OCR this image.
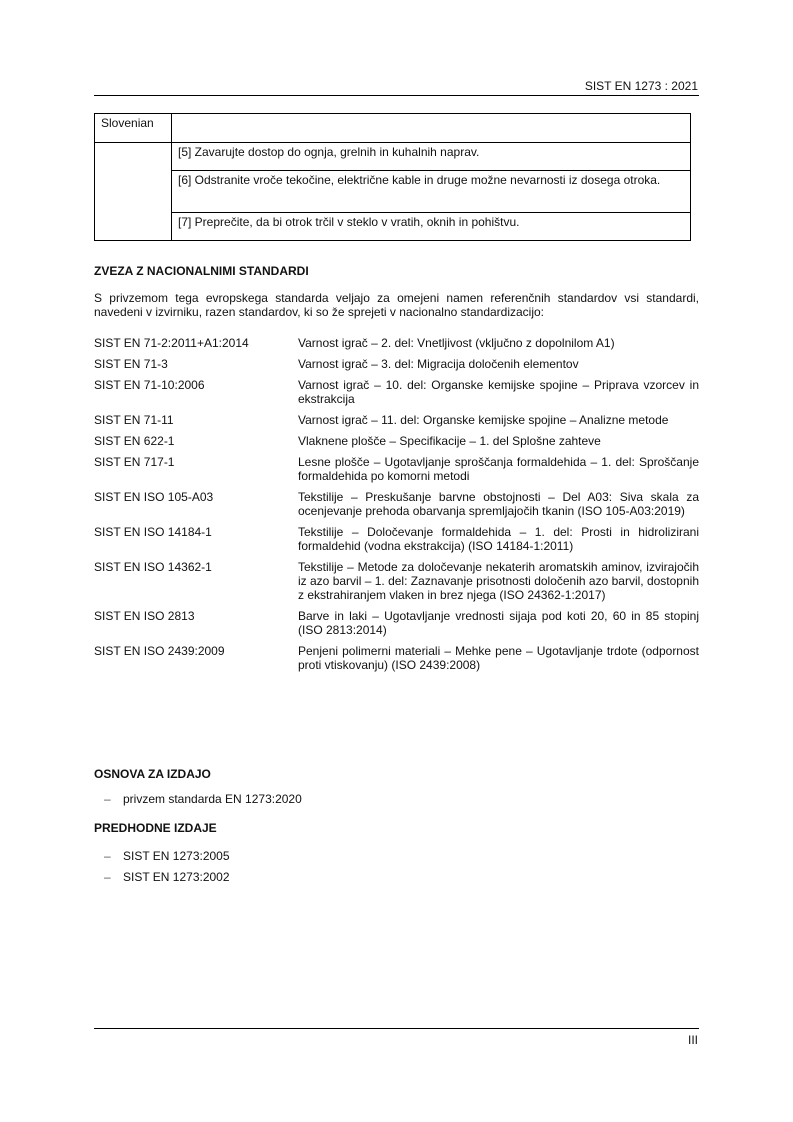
SIST EN 1273 : 2021
Slovenian	
	[5] Zavarujte dostop do ognja, grelnih in kuhalnih naprav.
	[6] Odstranite vroče tekočine, električne kable in druge možne nevarnosti iz dosega otroka.
	[7] Preprečite, da bi otrok trčil v steklo v vratih, oknih in pohištvu.
ZVEZA Z NACIONALNIMI STANDARDI
S privzemom tega evropskega standarda veljajo za omejeni namen referenčnih standardov vsi standardi, navedeni v izvirniku, razen standardov, ki so že sprejeti v nacionalno standardizacijo:
SIST EN 71-2:2011+A1:2014	Varnost igrač – 2. del: Vnetljivost (vključno z dopolnilom A1)
SIST EN 71-3	Varnost igrač – 3. del: Migracija določenih elementov
SIST EN 71-10:2006	Varnost igrač – 10. del: Organske kemijske spojine – Priprava vzorcev in ekstrakcija
SIST EN 71-11	Varnost igrač – 11. del: Organske kemijske spojine – Analizne metode
SIST EN 622-1	Vlaknene plošče – Specifikacije – 1. del Splošne zahteve
SIST EN 717-1	Lesne plošče – Ugotavljanje sproščanja formaldehida – 1. del: Sproščanje formaldehida po komorni metodi
SIST EN ISO 105-A03	Tekstilije – Preskušanje barvne obstojnosti – Del A03: Siva skala za ocenjevanje prehoda obarvanja spremljajočih tkanin (ISO 105-A03:2019)
SIST EN ISO 14184-1	Tekstilije – Določevanje formaldehida – 1. del: Prosti in hidrolizirani formaldehid (vodna ekstrakcija) (ISO 14184-1:2011)
SIST EN ISO 14362-1	Tekstilije – Metode za določevanje nekaterih aromatskih aminov, izvirajočih iz azo barvil – 1. del: Zaznavanje prisotnosti določenih azo barvil, dostopnih z ekstrahiranjem vlaken in brez njega (ISO 24362-1:2017)
SIST EN ISO 2813	Barve in laki – Ugotavljanje vrednosti sijaja pod koti 20, 60 in 85 stopinj (ISO 2813:2014)
SIST EN ISO 2439:2009	Penjeni polimerni materiali – Mehke pene – Ugotavljanje trdote (odpornost proti vtiskovanju) (ISO 2439:2008)
OSNOVA ZA IZDAJO
–	privzem standarda EN 1273:2020
PREDHODNE IZDAJE
–	SIST EN 1273:2005
–	SIST EN 1273:2002
III
